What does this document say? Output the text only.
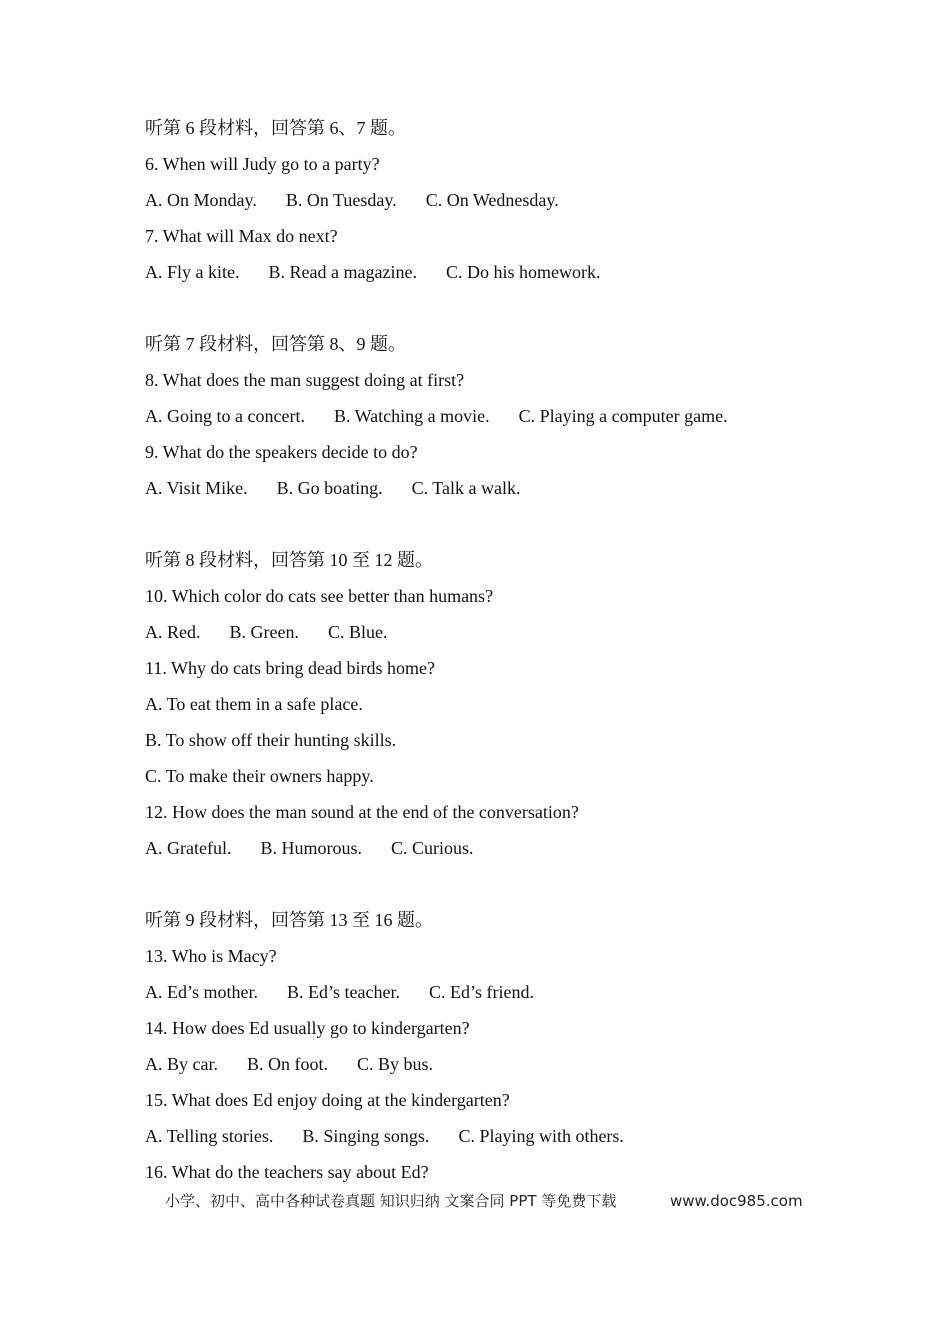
听第 6 段材料，回答第 6、7 题。
6. When will Judy go to a party?
A. On Monday. B. On Tuesday. C. On Wednesday.
7. What will Max do next?
A. Fly a kite. B. Read a magazine. C. Do his homework.
听第 7 段材料，回答第 8、9 题。
8. What does the man suggest doing at first?
A. Going to a concert. B. Watching a movie. C. Playing a computer game.
9. What do the speakers decide to do?
A. Visit Mike. B. Go boating. C. Talk a walk.
听第 8 段材料，回答第 10 至 12 题。
10. Which color do cats see better than humans?
A. Red. B. Green. C. Blue.
11. Why do cats bring dead birds home?
A. To eat them in a safe place.
B. To show off their hunting skills.
C. To make their owners happy.
12. How does the man sound at the end of the conversation?
A. Grateful. B. Humorous. C. Curious.
听第 9 段材料，回答第 13 至 16 题。
13. Who is Macy?
A. Ed’s mother. B. Ed’s teacher. C. Ed’s friend.
14. How does Ed usually go to kindergarten?
A. By car. B. On foot. C. By bus.
15. What does Ed enjoy doing at the kindergarten?
A. Telling stories. B. Singing songs. C. Playing with others.
16. What do the teachers say about Ed?
小学、初中、高中各种试卷真题 知识归纳 文案合同 PPT 等免费下载	www.doc985.com
